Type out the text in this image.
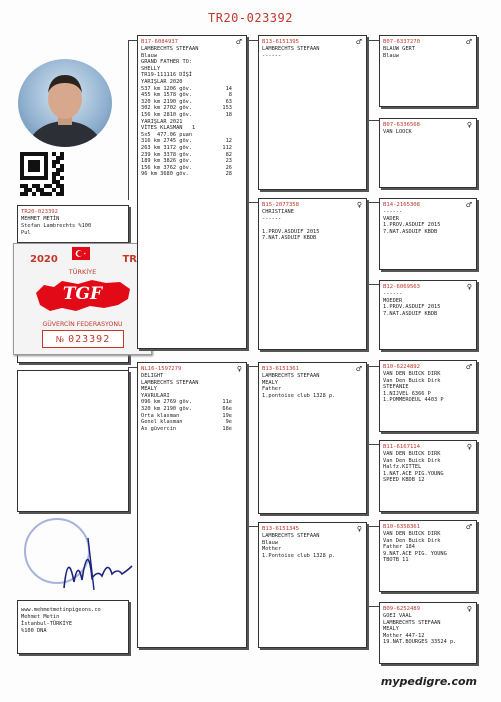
TR20-023392
TR20-023392
MEHMET METİN
Stefan Lambrechts %100
Pul
2020	TR
TÜRKİYE
TGF
GÜVERCİN FEDERASYONU
№ 023392
www.mehmetmetinpigeons.co
Mehmet Metin
İstanbul-TÜRKİYE
%100 DNA
♂
B17-6084937
LAMBRECHTS STEFAAN
Blauw
GRAND FATHER TO:
SHELLY
TR19-111116 DİŞİ
YARIŞLAR 2020
537 km 1206 göv.	14
455 km 1578 göv.	8
320 km 2190 göv.	63
302 km 2702 göv.	153
156 km 2810 göv.	18
YARIŞLAR 2021
VİTES KLASMAN   1
5x5  477.06 puan
316 km 2745 göv.	12
263 km 3172 göv.	112
239 km 3378 göv.	82
189 km 3826 göv.	23
156 km 3762 göv.	26
96 km 3680 göv.	28
♀
NL16-1597279
DELIGHT
LAMBRECHTS STEFAAN
MEALY
YAVRULARI
096 km 2769 göv.	11e
320 km 2190 göv.	66e
Orta klasman	19e
Genel klasman	9e
As güvercin	18e
♂
B13-6151395
LAMBRECHTS STEFAAN
------
♀
B15-2077358
CHRISTIANE
------

1.PROV.ASDUIF 2015
7.NAT.ASDUIF KBDB
♂
B13-6151361
LAMBRECHTS STEFAAN
MEALY
Father
1.pontoise club 1328 p.
♀
B13-6151345
LAMBRECHTS STEFAAN
Blauw
Mother
1.Pontoise club 1328 p.
♂
B07-6337270
BLAUW GERT
Blauw
♀
B07-6336568
VAN LOOCK
♂
B14-2165308
------
VADER
1.PROV.ASDUIF 2015
7.NAT.ASDUIF KBDB
♀
B12-6069563
------
MOEDER
1.PROV.ASDUIF 2015
7.NAT.ASDUIF KBDB
♂
B10-6224892
VAN DEN BUICK DIRK
Van Den Buick Dirk
STEFANIE
1.NIJVEL 6366 P
1.POMMEROEUL 4403 P
♀
B11-6167114
VAN DEN BUICK DIRK
Van Den Buick Dirk
Halfz.KITTEL
1.NAT.ACE PIG.YOUNG
SPEED KBDB 12
♂
B10-6358361
VAN DEN BUICK DIRK
Van Den Buick Dirk
Father 184
9.NAT.ACE PIG. YOUNG
TBOTB 11
♀
B09-6252489
GOEI VAAL
LAMBRECHTS STEFAAN
MEALY
Mother 447-12
19.NAT.BOURGES 33524 p.
mypedigre.com
